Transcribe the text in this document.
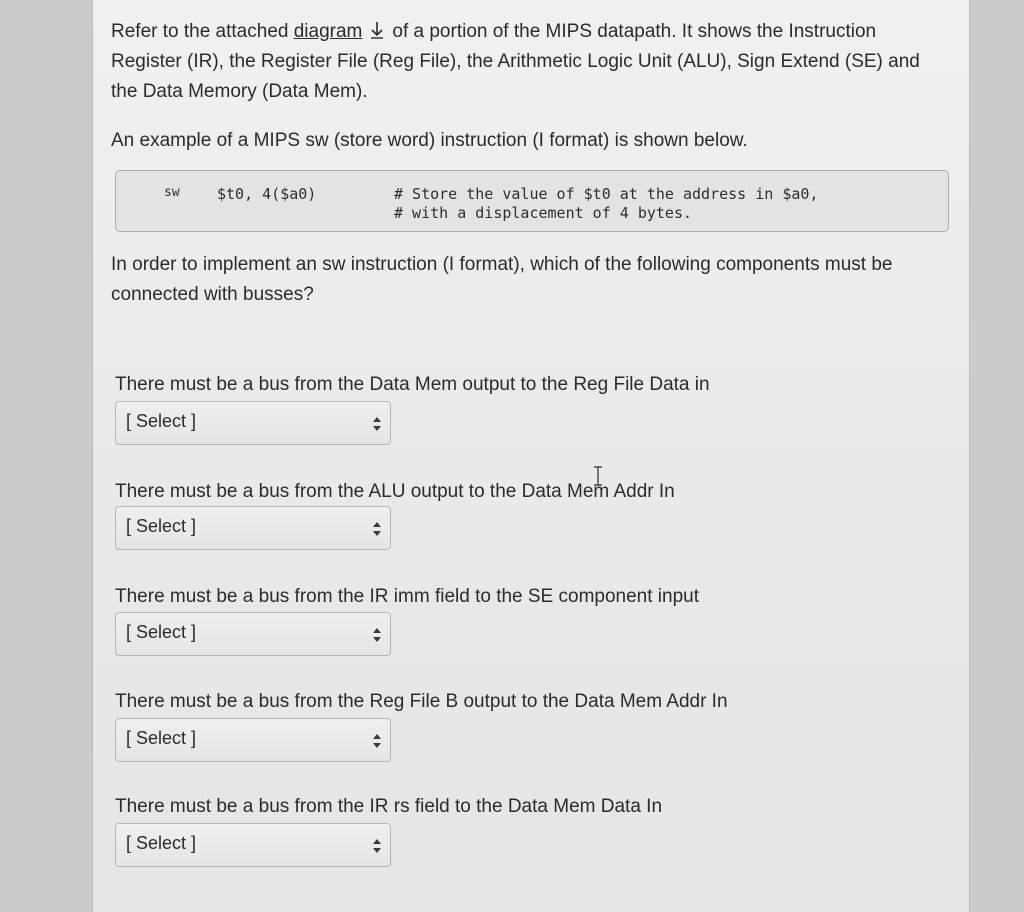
Refer to the attached diagram of a portion of the MIPS datapath. It shows the Instruction Register (IR), the Register File (Reg File), the Arithmetic Logic Unit (ALU), Sign Extend (SE) and the Data Memory (Data Mem).

An example of a MIPS sw (store word) instruction (I format) is shown below.

sw $t0, 4($a0)	# Store the value of $t0 at the address in $a0,
# with a displacement of 4 bytes.

In order to implement an sw instruction (I format), which of the following components must be connected with busses?

There must be a bus from the Data Mem output to the Reg File Data in

[ Select ]

There must be a bus from the ALU output to the Data Mem Addr In

[ Select ]

There must be a bus from the IR imm field to the SE component input

[ Select ]

There must be a bus from the Reg File B output to the Data Mem Addr In

[ Select ]

There must be a bus from the IR rs field to the Data Mem Data In

[ Select ]
